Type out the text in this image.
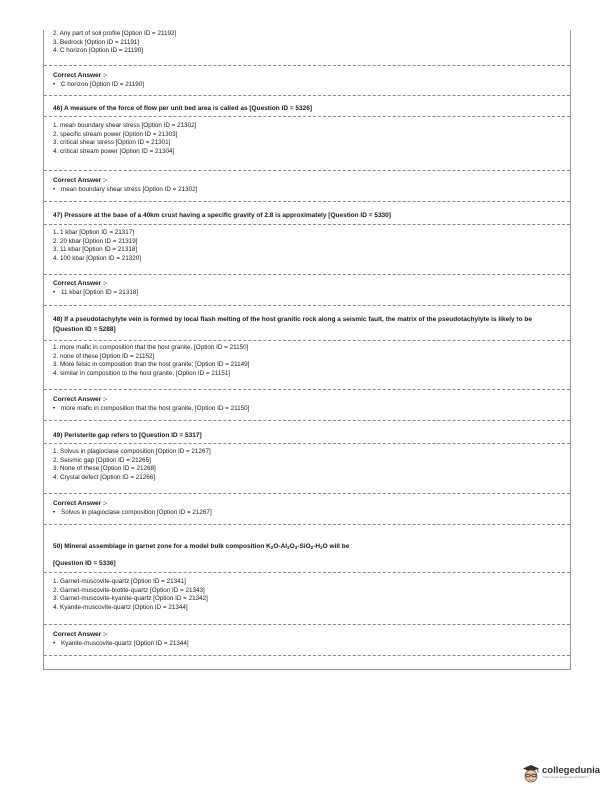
2. Any part of soil profile [Option ID = 21192]
3. Bedrock [Option ID = 21191]
4. C horizon [Option ID = 21190]
Correct Answer :-
• C horizon [Option ID = 21190]
46) A measure of the force of flow per unit bed area is called as [Question ID = 5326]
1. mean boundary shear stress [Option ID = 21302]
2. specific stream power [Option ID = 21303]
3. critical shear stress [Option ID = 21301]
4. critical stream power [Option ID = 21304]
Correct Answer :-
• mean boundary shear stress [Option ID = 21302]
47) Pressure at the base of a 40km crust having a specific gravity of 2.8 is approximately [Question ID = 5330]
1. 1 kbar [Option ID = 21317]
2. 20 kbar [Option ID = 21319]
3. 11 kbar [Option ID = 21318]
4. 100 kbar [Option ID = 21320]
Correct Answer :-
• 11 kbar [Option ID = 21318]
48) If a pseudotachylyte vein is formed by local flash melting of the host granitic rock along a seismic fault, the matrix of the pseudotachylyte is likely to be [Question ID = 5288]
1. more mafic in composition that the host granite, [Option ID = 21150]
2. none of these [Option ID = 21152]
3. More felsic in composition than the host granite; [Option ID = 21149]
4. similar in composition to the host granite, [Option ID = 21151]
Correct Answer :-
• more mafic in composition that the host granite, [Option ID = 21150]
49) Peristerite gap refers to [Question ID = 5317]
1. Solvus in plagioclase composition [Option ID = 21267]
2. Seismic gap [Option ID = 21265]
3. None of these [Option ID = 21268]
4. Crystal defect [Option ID = 21266]
Correct Answer :-
• Solvus in plagioclase composition [Option ID = 21267]
50) Mineral assemblage in garnet zone for a model bulk composition $K_2O-Al_2O_3-SiO_2-H_2O$ will be
[Question ID = 5336]
1. Garnet-muscovite-quartz [Option ID = 21341]
2. Garnet-muscovite-biotite-quartz [Option ID = 21343]
3. Garnet-muscovite-kyanite-quartz [Option ID = 21342]
4. Kyanite-muscovite-quartz [Option ID = 21344]
Correct Answer :-
• Kyanite-muscovite-quartz [Option ID = 21344]
collegedunia
India's largest Student Review Platform
